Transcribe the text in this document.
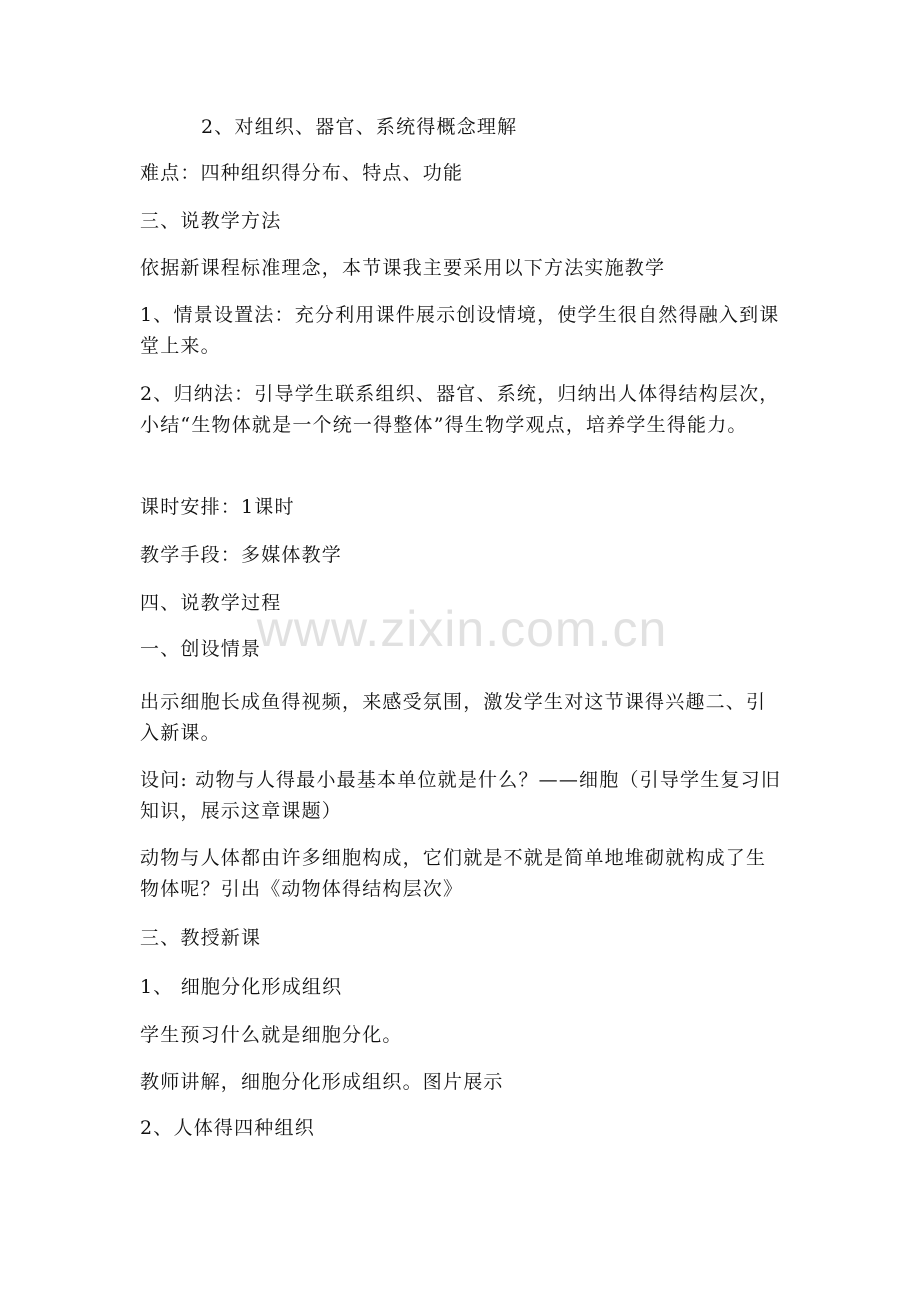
2、对组织、器官、系统得概念理解

难点：四种组织得分布、特点、功能

三、说教学方法

依据新课程标准理念，本节课我主要采用以下方法实施教学

1、情景设置法：充分利用课件展示创设情境，使学生很自然得融入到课堂上来。

2、归纳法：引导学生联系组织、器官、系统，归纳出人体得结构层次，小结“生物体就是一个统一得整体”得生物学观点，培养学生得能力。

课时安排：1课时

教学手段：多媒体教学

四、说教学过程

一、创设情景

出示细胞长成鱼得视频，来感受氛围，激发学生对这节课得兴趣二、引入新课。

设问: 动物与人得最小最基本单位就是什么？——细胞（引导学生复习旧知识，展示这章课题）

动物与人体都由许多细胞构成，它们就是不就是简单地堆砌就构成了生物体呢？引出《动物体得结构层次》

三、教授新课

1、 细胞分化形成组织

学生预习什么就是细胞分化。

教师讲解，细胞分化形成组织。图片展示

2、人体得四种组织

www.zixin.com.cn
